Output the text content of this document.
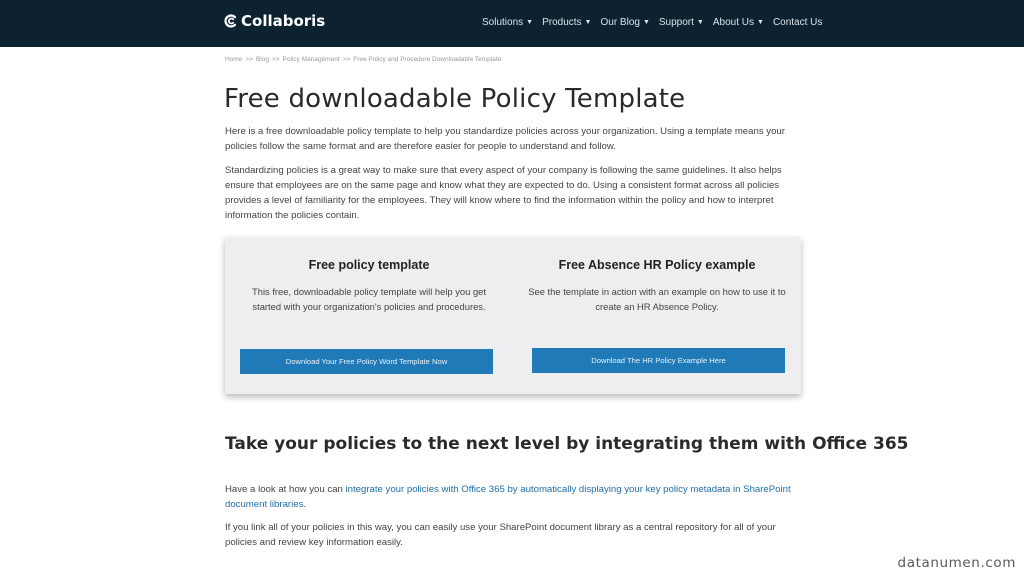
Collaboris	Solutions ▼ Products ▼ Our Blog ▼ Support ▼ About Us ▼ Contact Us
Home >> Blog >> Policy Management >> Free Policy and Procedure Downloadable Template
Free downloadable Policy Template

Here is a free downloadable policy template to help you standardize policies across your organization. Using a template means your policies follow the same format and are therefore easier for people to understand and follow.

Standardizing policies is a great way to make sure that every aspect of your company is following the same guidelines. It also helps ensure that employees are on the same page and know what they are expected to do. Using a consistent format across all policies provides a level of familiarity for the employees. They will know where to find the information within the policy and how to interpret information the policies contain.

Free policy template
This free, downloadable policy template will help you get started with your organization's policies and procedures.
Download Your Free Policy Word Template Now
Free Absence HR Policy example
See the template in action with an example on how to use it to create an HR Absence Policy.
Download The HR Policy Example Here
Take your policies to the next level by integrating them with Office 365

Have a look at how you can integrate your policies with Office 365 by automatically displaying your key policy metadata in SharePoint document libraries.

If you link all of your policies in this way, you can easily use your SharePoint document library as a central repository for all of your policies and review key information easily.

datanumen.com
